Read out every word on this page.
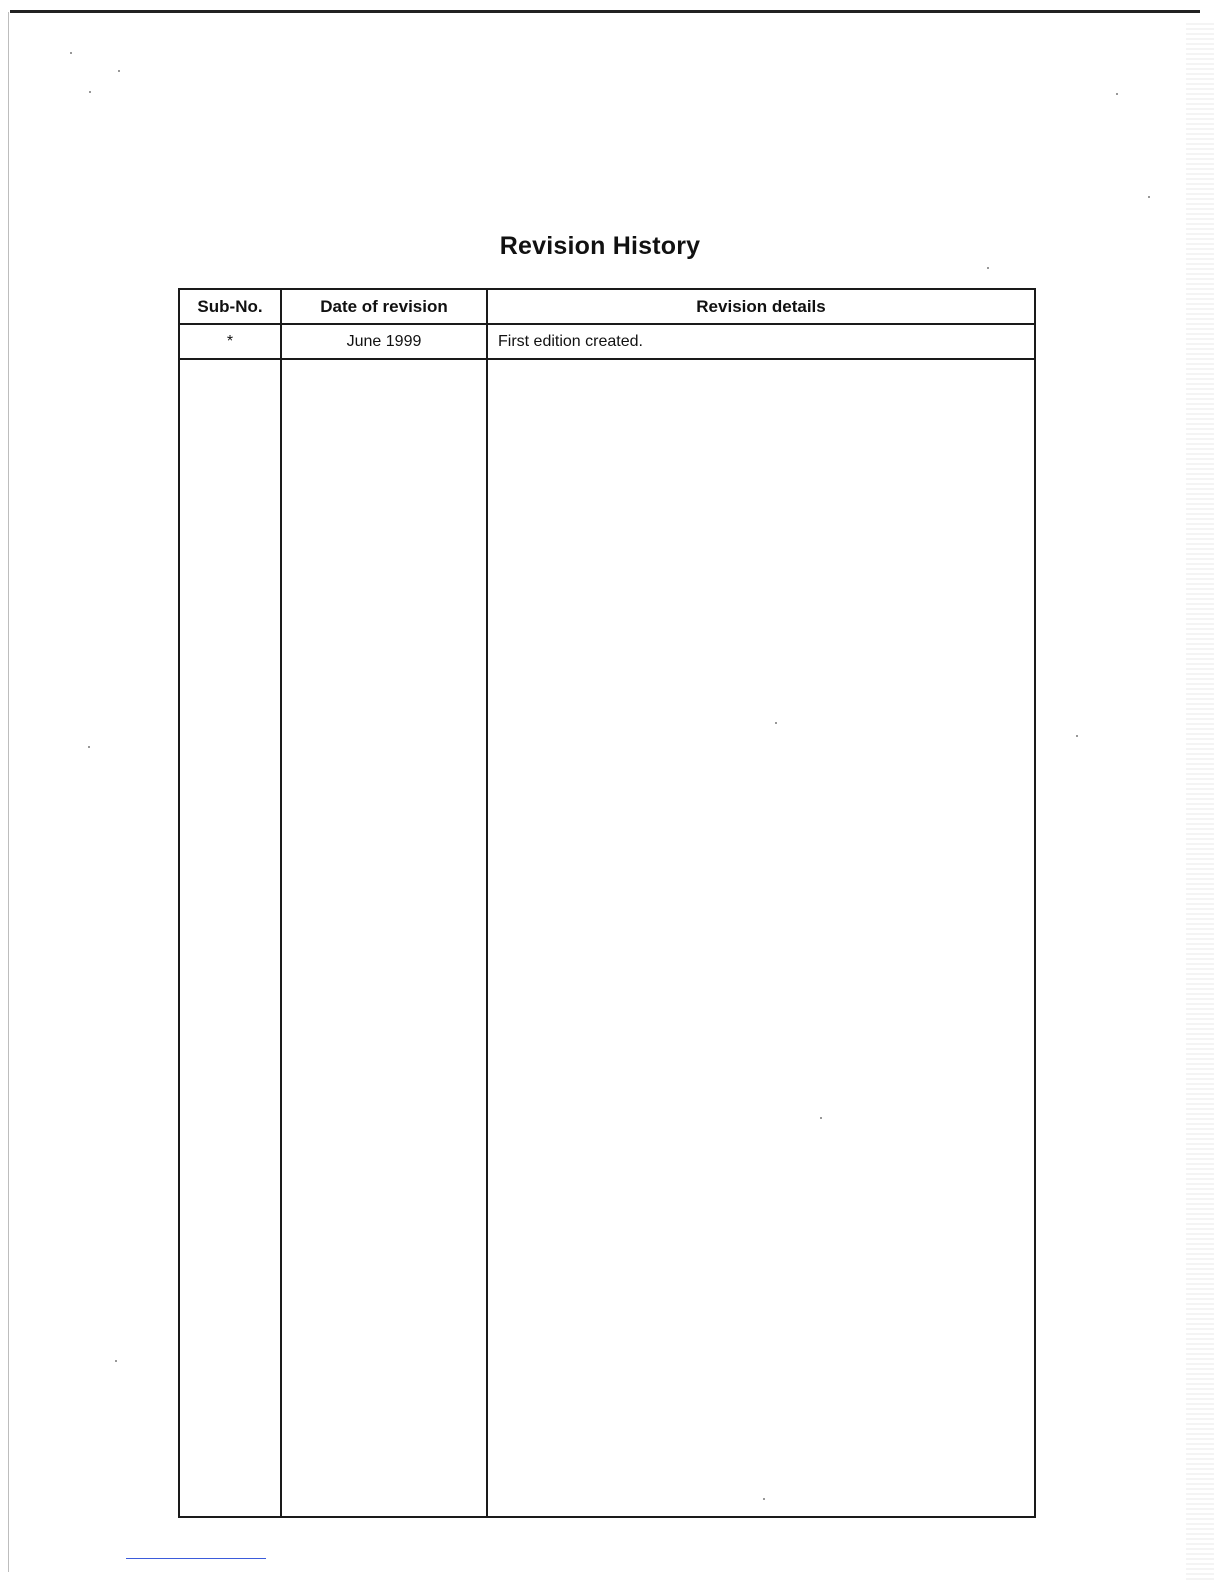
Revision History
Sub-No.	Date of revision	Revision details
*	June 1999	First edition created.
